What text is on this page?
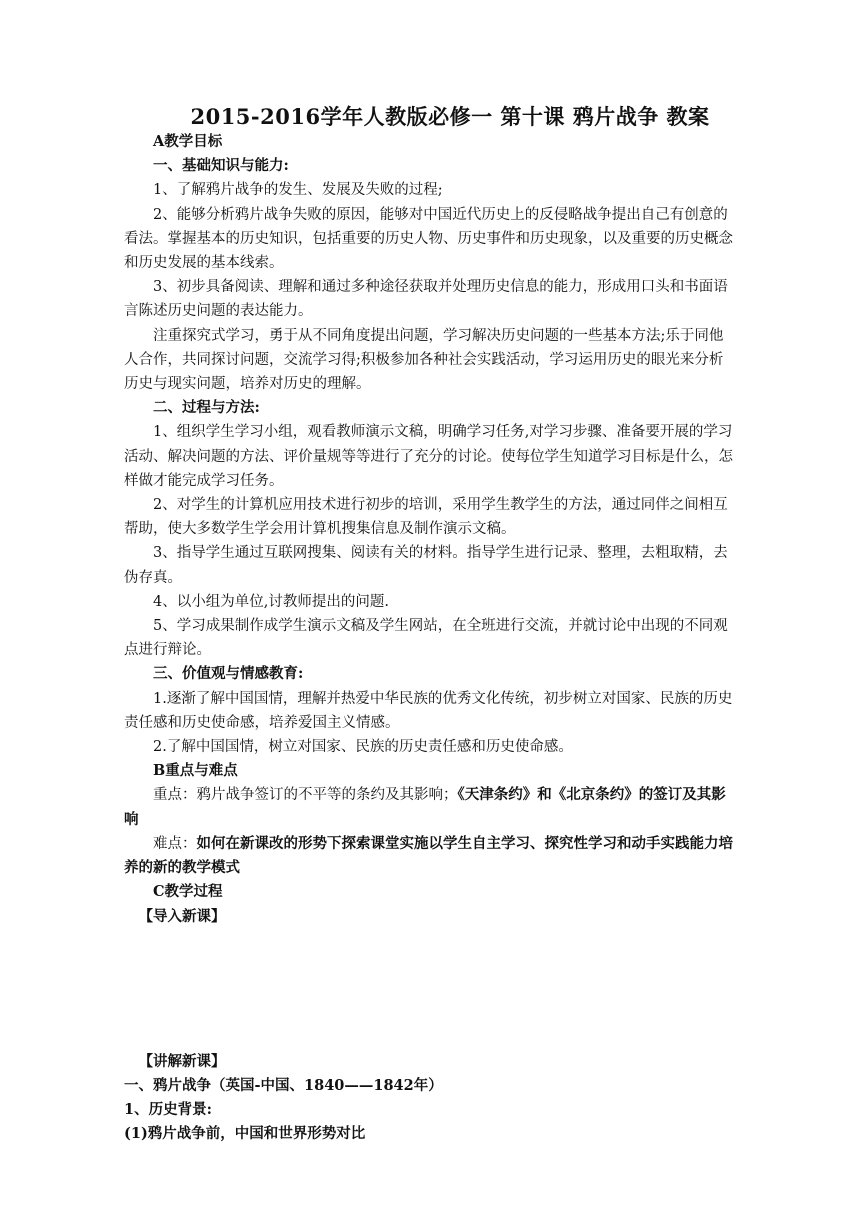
2015-2016学年人教版必修一 第十课 鸦片战争 教案

A教学目标

一、基础知识与能力:

1、了解鸦片战争的发生、发展及失败的过程;

2、能够分析鸦片战争失败的原因，能够对中国近代历史上的反侵略战争提出自己有创意的看法。掌握基本的历史知识，包括重要的历史人物、历史事件和历史现象，以及重要的历史概念和历史发展的基本线索。

3、初步具备阅读、理解和通过多种途径获取并处理历史信息的能力，形成用口头和书面语言陈述历史问题的表达能力。

注重探究式学习，勇于从不同角度提出问题，学习解决历史问题的一些基本方法;乐于同他人合作，共同探讨问题，交流学习得;积极参加各种社会实践活动，学习运用历史的眼光来分析历史与现实问题，培养对历史的理解。

二、过程与方法:

1、组织学生学习小组，观看教师演示文稿，明确学习任务,对学习步骤、准备要开展的学习活动、解决问题的方法、评价量规等等进行了充分的讨论。使每位学生知道学习目标是什么，怎样做才能完成学习任务。

2、对学生的计算机应用技术进行初步的培训，采用学生教学生的方法，通过同伴之间相互帮助，使大多数学生学会用计算机搜集信息及制作演示文稿。

3、指导学生通过互联网搜集、阅读有关的材料。指导学生进行记录、整理，去粗取精，去伪存真。

4、以小组为单位,讨教师提出的问题.

5、学习成果制作成学生演示文稿及学生网站，在全班进行交流，并就讨论中出现的不同观点进行辩论。

三、价值观与情感教育:

1.逐渐了解中国国情，理解并热爱中华民族的优秀文化传统，初步树立对国家、民族的历史责任感和历史使命感，培养爱国主义情感。

2.了解中国国情，树立对国家、民族的历史责任感和历史使命感。

B重点与难点

重点：鸦片战争签订的不平等的条约及其影响；《天津条约》和《北京条约》的签订及其影响

难点：如何在新课改的形势下探索课堂实施以学生自主学习、探究性学习和动手实践能力培养的新的教学模式

C教学过程

【导入新课】

【讲解新课】

一、鸦片战争（英国-中国、1840——1842年）

1、历史背景:

(1)鸦片战争前，中国和世界形势对比
